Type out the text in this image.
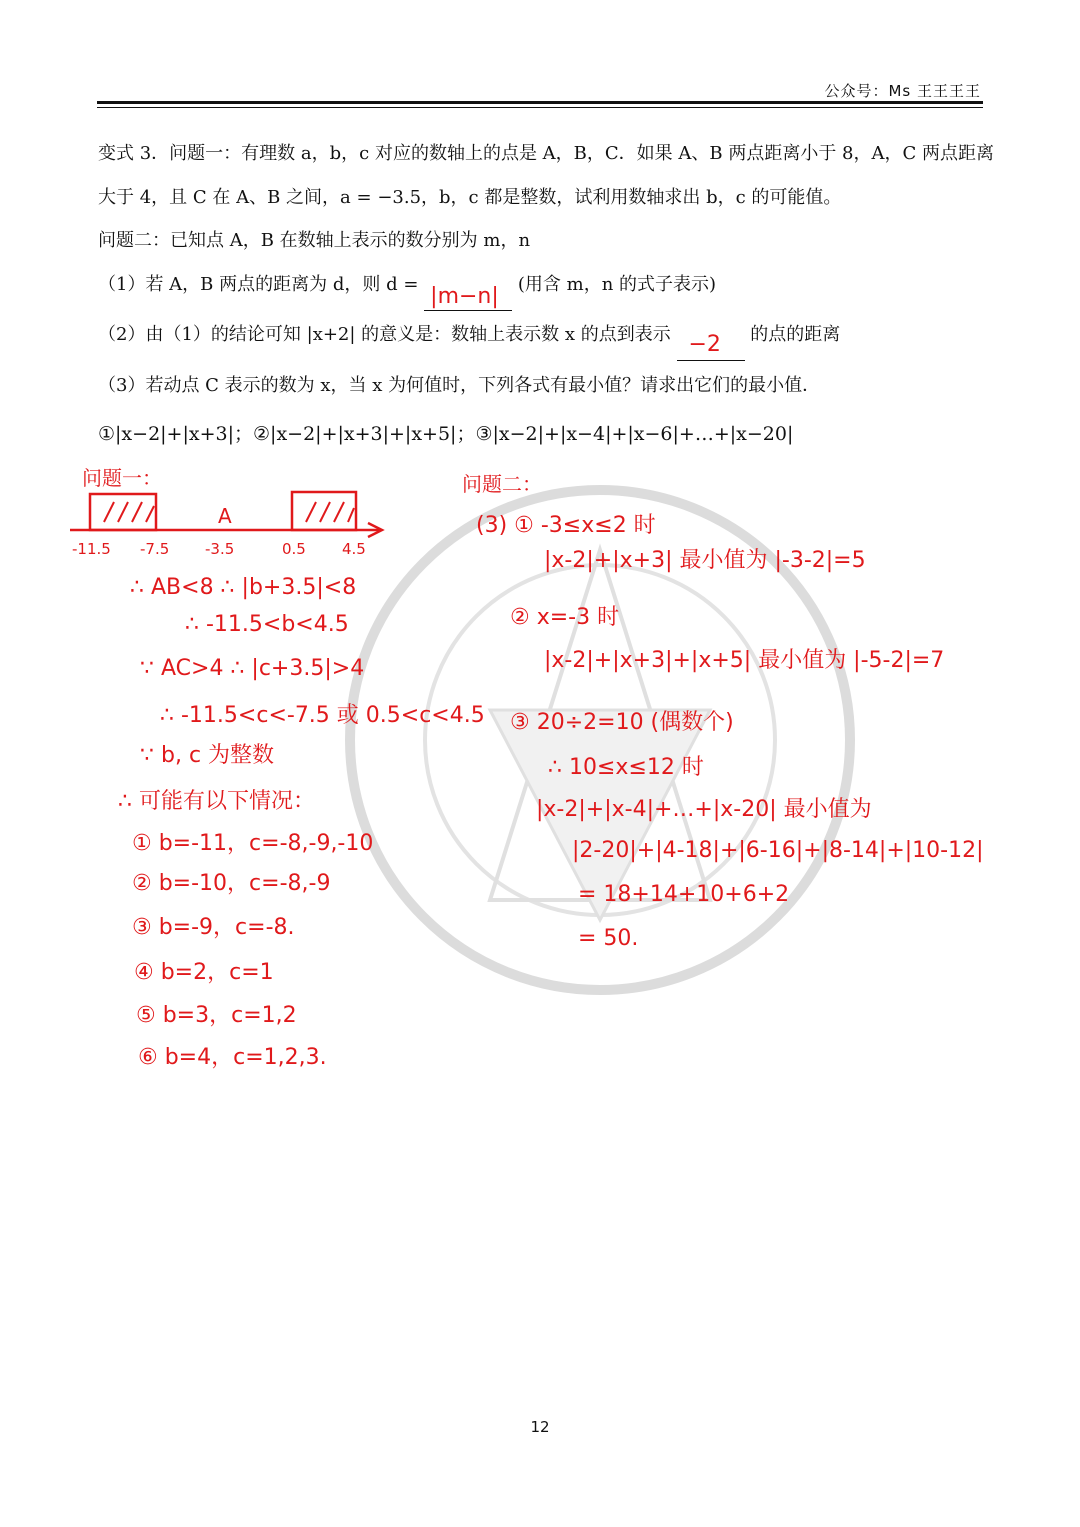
公众号：Ms 王王王王
变式 3．问题一：有理数 a，b，c 对应的数轴上的点是 A，B，C．如果 A、B 两点距离小于 8，A，C 两点距离
大于 4，且 C 在 A、B 之间，a = −3.5，b，c 都是整数，试利用数轴求出 b，c 的可能值。
问题二：已知点 A，B 在数轴上表示的数分别为 m，n
（1）若 A，B 两点的距离为 d，则 d = |m−n| (用含 m，n 的式子表示)
（2）由（1）的结论可知 |x+2| 的意义是：数轴上表示数 x 的点到表示 −2 的点的距离
（3）若动点 C 表示的数为 x，当 x 为何值时，下列各式有最小值？请求出它们的最小值．
①|x−2|+|x+3|；②|x−2|+|x+3|+|x+5|；③|x−2|+|x−4|+|x−6|+…+|x−20|
A
-11.5 -7.5 -3.5	0.5 4.5
问题一：
∴ AB<8 ∴ |b+3.5|<8
∴ -11.5<b<4.5
∵ AC>4 ∴ |c+3.5|>4
∴ -11.5<c<-7.5 或 0.5<c<4.5
∵ b, c 为整数
∴ 可能有以下情况：
① b=-11，c=-8,-9,-10
② b=-10，c=-8,-9
③ b=-9，c=-8.
④ b=2，c=1
⑤ b=3，c=1,2
⑥ b=4，c=1,2,3.
问题二：
(3) ① -3≤x≤2 时
|x-2|+|x+3| 最小值为 |-3-2|=5
② x=-3 时
|x-2|+|x+3|+|x+5| 最小值为 |-5-2|=7
③ 20÷2=10 (偶数个)
∴ 10≤x≤12 时
|x-2|+|x-4|+…+|x-20| 最小值为
|2-20|+|4-18|+|6-16|+|8-14|+|10-12|
= 18+14+10+6+2
= 50.
12
